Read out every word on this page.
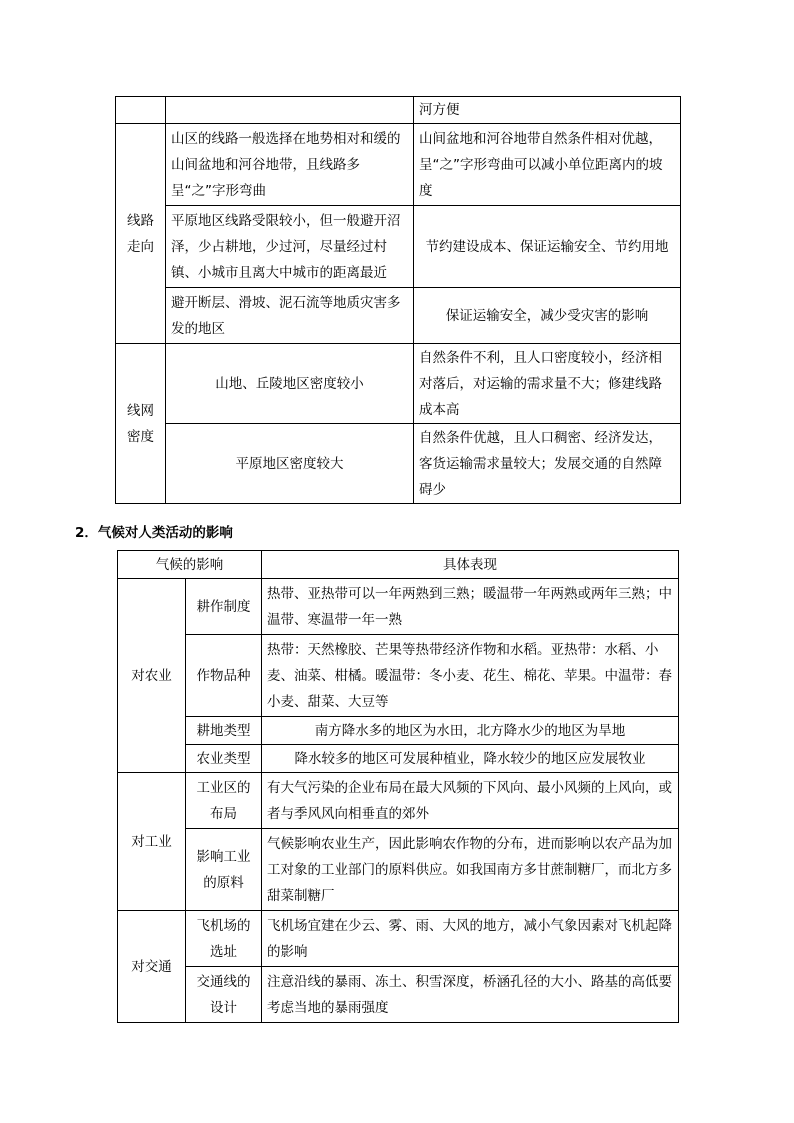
		河方便
线路
走向	山区的线路一般选择在地势相对和缓的山间盆地和河谷地带，且线路多呈“之”字形弯曲	山间盆地和河谷地带自然条件相对优越，呈“之”字形弯曲可以减小单位距离内的坡度
	平原地区线路受限较小，但一般避开沼泽，少占耕地，少过河，尽量经过村镇、小城市且离大中城市的距离最近	节约建设成本、保证运输安全、节约用地
	避开断层、滑坡、泥石流等地质灾害多发的地区	保证运输安全，减少受灾害的影响
线网
密度	山地、丘陵地区密度较小	自然条件不利，且人口密度较小，经济相对落后，对运输的需求量不大；修建线路成本高
	平原地区密度较大	自然条件优越，且人口稠密、经济发达，客货运输需求量较大；发展交通的自然障碍少
2．气候对人类活动的影响
气候的影响		具体表现
对农业	耕作制度	热带、亚热带可以一年两熟到三熟；暖温带一年两熟或两年三熟；中温带、寒温带一年一熟
	作物品种	热带：天然橡胶、芒果等热带经济作物和水稻。亚热带：水稻、小麦、油菜、柑橘。暖温带：冬小麦、花生、棉花、苹果。中温带：春小麦、甜菜、大豆等
	耕地类型	南方降水多的地区为水田，北方降水少的地区为旱地
	农业类型	降水较多的地区可发展种植业，降水较少的地区应发展牧业
对工业	工业区的布局	有大气污染的企业布局在最大风频的下风向、最小风频的上风向，或者与季风风向相垂直的郊外
	影响工业的原料	气候影响农业生产，因此影响农作物的分布，进而影响以农产品为加工对象的工业部门的原料供应。如我国南方多甘蔗制糖厂，而北方多甜菜制糖厂
对交通	飞机场的选址	飞机场宜建在少云、雾、雨、大风的地方，减小气象因素对飞机起降的影响
	交通线的设计	注意沿线的暴雨、冻土、积雪深度，桥涵孔径的大小、路基的高低要考虑当地的暴雨强度
